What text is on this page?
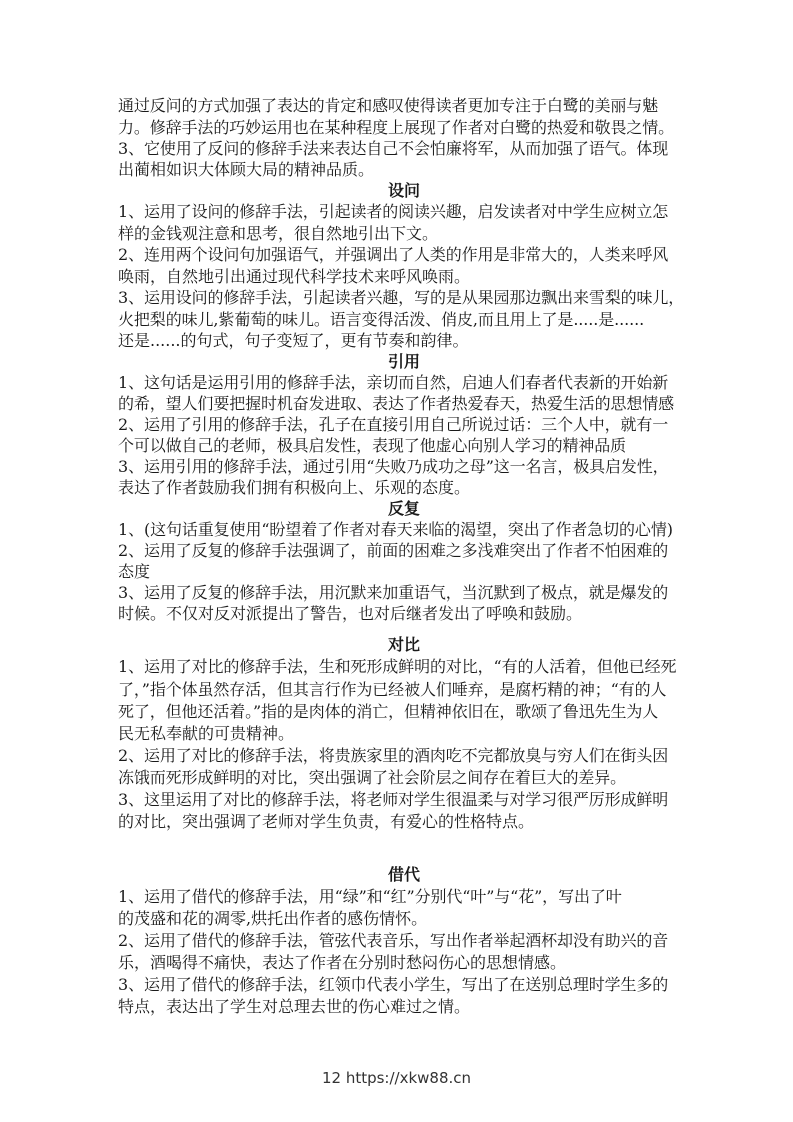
通过反问的方式加强了表达的肯定和感叹使得读者更加专注于白鹭的美丽与魅
力。修辞手法的巧妙运用也在某种程度上展现了作者对白鹭的热爱和敬畏之情。
3、它使用了反问的修辞手法来表达自己不会怕廉将军，从而加强了语气。体现
出蔺相如识大体顾大局的精神品质。
设问
1、运用了设问的修辞手法，引起读者的阅读兴趣，启发读者对中学生应树立怎
样的金钱观注意和思考，很自然地引出下文。
2、连用两个设问句加强语气，并强调出了人类的作用是非常大的，人类来呼风
唤雨，自然地引出通过现代科学技术来呼风唤雨。
3、运用设问的修辞手法，引起读者兴趣，写的是从果园那边飘出来雪梨的味儿，
火把梨的味儿,紫葡萄的味儿。语言变得活泼、俏皮,而且用上了是.....是......
还是......的句式，句子变短了，更有节奏和韵律。
引用
1、这句话是运用引用的修辞手法，亲切而自然，启迪人们春者代表新的开始新
的希，望人们要把握时机奋发进取、表达了作者热爱春天，热爱生活的思想情感
2、运用了引用的修辞手法，孔子在直接引用自己所说过话：三个人中，就有一
个可以做自己的老师，极具启发性，表现了他虚心向别人学习的精神品质
3、运用引用的修辞手法，通过引用“失败乃成功之母”这一名言，极具启发性，
表达了作者鼓励我们拥有积极向上、乐观的态度。
反复
1、(这句话重复使用“盼望着了作者对春天来临的渴望，突出了作者急切的心情)
2、运用了反复的修辞手法强调了，前面的困难之多浅难突出了作者不怕困难的
态度
3、运用了反复的修辞手法，用沉默来加重语气，当沉默到了极点，就是爆发的
时候。不仅对反对派提出了警告，也对后继者发出了呼唤和鼓励。
对比
1、运用了对比的修辞手法，生和死形成鲜明的对比，“有的人活着，但他已经死
了，”指个体虽然存活，但其言行作为已经被人们唾弃，是腐朽精的神；“有的人
死了，但他还活着。”指的是肉体的消亡，但精神依旧在，歌颂了鲁迅先生为人
民无私奉献的可贵精神。
2、运用了对比的修辞手法，将贵族家里的酒肉吃不完都放臭与穷人们在街头因
冻饿而死形成鲜明的对比，突出强调了社会阶层之间存在着巨大的差异。
3、这里运用了对比的修辞手法，将老师对学生很温柔与对学习很严厉形成鲜明
的对比，突出强调了老师对学生负责，有爱心的性格特点。
借代
1、运用了借代的修辞手法，用“绿”和“红”分别代“叶”与“花”，写出了叶
的茂盛和花的凋零,烘托出作者的感伤情怀。
2、运用了借代的修辞手法，管弦代表音乐，写出作者举起酒杯却没有助兴的音
乐，酒喝得不痛快，表达了作者在分别时愁闷伤心的思想情感。
3、运用了借代的修辞手法，红领巾代表小学生，写出了在送别总理时学生多的
特点，表达出了学生对总理去世的伤心难过之情。
12 https://xkw88.cn
